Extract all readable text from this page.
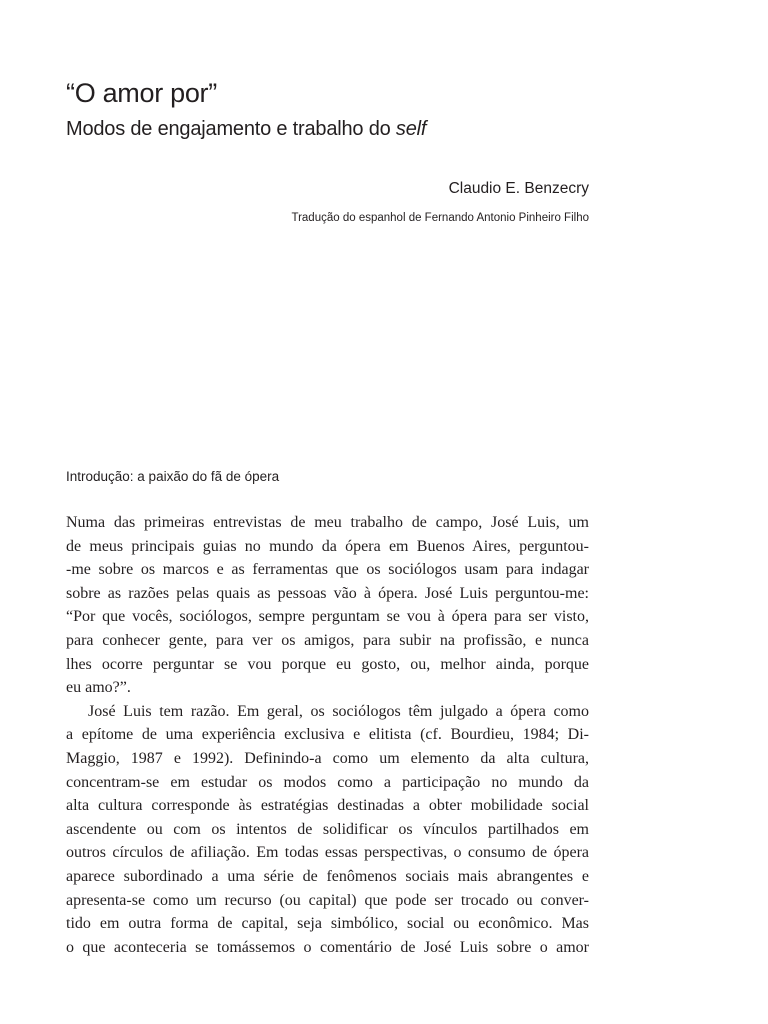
“O amor por”
Modos de engajamento e trabalho do self
Claudio E. Benzecry
Tradução do espanhol de Fernando Antonio Pinheiro Filho
Introdução: a paixão do fã de ópera
Numa das primeiras entrevistas de meu trabalho de campo, José Luis, um
de meus principais guias no mundo da ópera em Buenos Aires, perguntou-
-me sobre os marcos e as ferramentas que os sociólogos usam para indagar
sobre as razões pelas quais as pessoas vão à ópera. José Luis perguntou-me:
“Por que vocês, sociólogos, sempre perguntam se vou à ópera para ser visto,
para conhecer gente, para ver os amigos, para subir na profissão, e nunca
lhes ocorre perguntar se vou porque eu gosto, ou, melhor ainda, porque
eu amo?”.
José Luis tem razão. Em geral, os sociólogos têm julgado a ópera como
a epítome de uma experiência exclusiva e elitista (cf. Bourdieu, 1984; Di-
Maggio, 1987 e 1992). Definindo-a como um elemento da alta cultura,
concentram-se em estudar os modos como a participação no mundo da
alta cultura corresponde às estratégias destinadas a obter mobilidade social
ascendente ou com os intentos de solidificar os vínculos partilhados em
outros círculos de afiliação. Em todas essas perspectivas, o consumo de ópera
aparece subordinado a uma série de fenômenos sociais mais abrangentes e
apresenta-se como um recurso (ou capital) que pode ser trocado ou conver-
tido em outra forma de capital, seja simbólico, social ou econômico. Mas
o que aconteceria se tomássemos o comentário de José Luis sobre o amor
